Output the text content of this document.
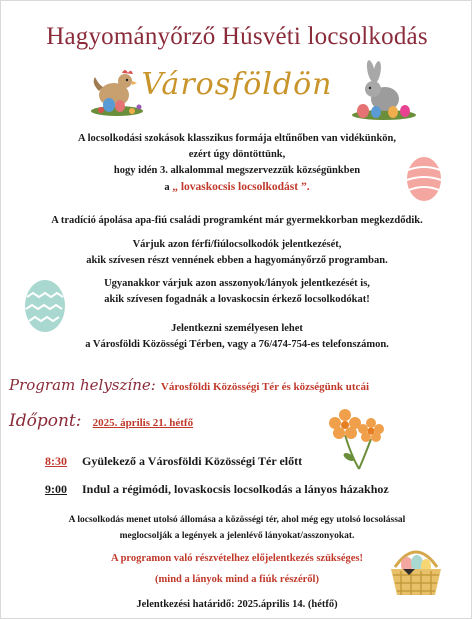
Hagyományőrző Húsvéti locsolkodás
Városföldön
A locsolkodási szokások klasszikus formája eltűnőben van vidékünkön,
ezért úgy döntöttünk,
hogy idén 3. alkalommal megszervezzük községünkben
a „ lovaskocsis locsolkodást ”.
A tradíció ápolása apa-fiú családi programként már gyermekkorban megkezdődik.
Várjuk azon férfi/fiúlocsolkodók jelentkezését,
akik szívesen részt vennének ebben a hagyományőrző programban.
Ugyanakkor várjuk azon asszonyok/lányok jelentkezését is,
akik szívesen fogadnák a lovaskocsin érkező locsolkodókat!
Jelentkezni személyesen lehet
a Városföldi Közösségi Térben, vagy a 76/474-754-es telefonszámon.
Program helyszíne: Városföldi Közösségi Tér és községünk utcái
Időpont: 2025. április 21. hétfő
8:30 Gyülekező a Városföldi Közösségi Tér előtt
9:00 Indul a régimódi, lovaskocsis locsolkodás a lányos házakhoz
A locsolkodás menet utolsó állomása a közösségi tér, ahol még egy utolsó locsolással
meglocsolják a legények a jelenlévő lányokat/asszonyokat.
A programon való részvételhez előjelentkezés szükséges!
(mind a lányok mind a fiúk részéről)
Jelentkezési határidő: 2025.április 14. (hétfő)
